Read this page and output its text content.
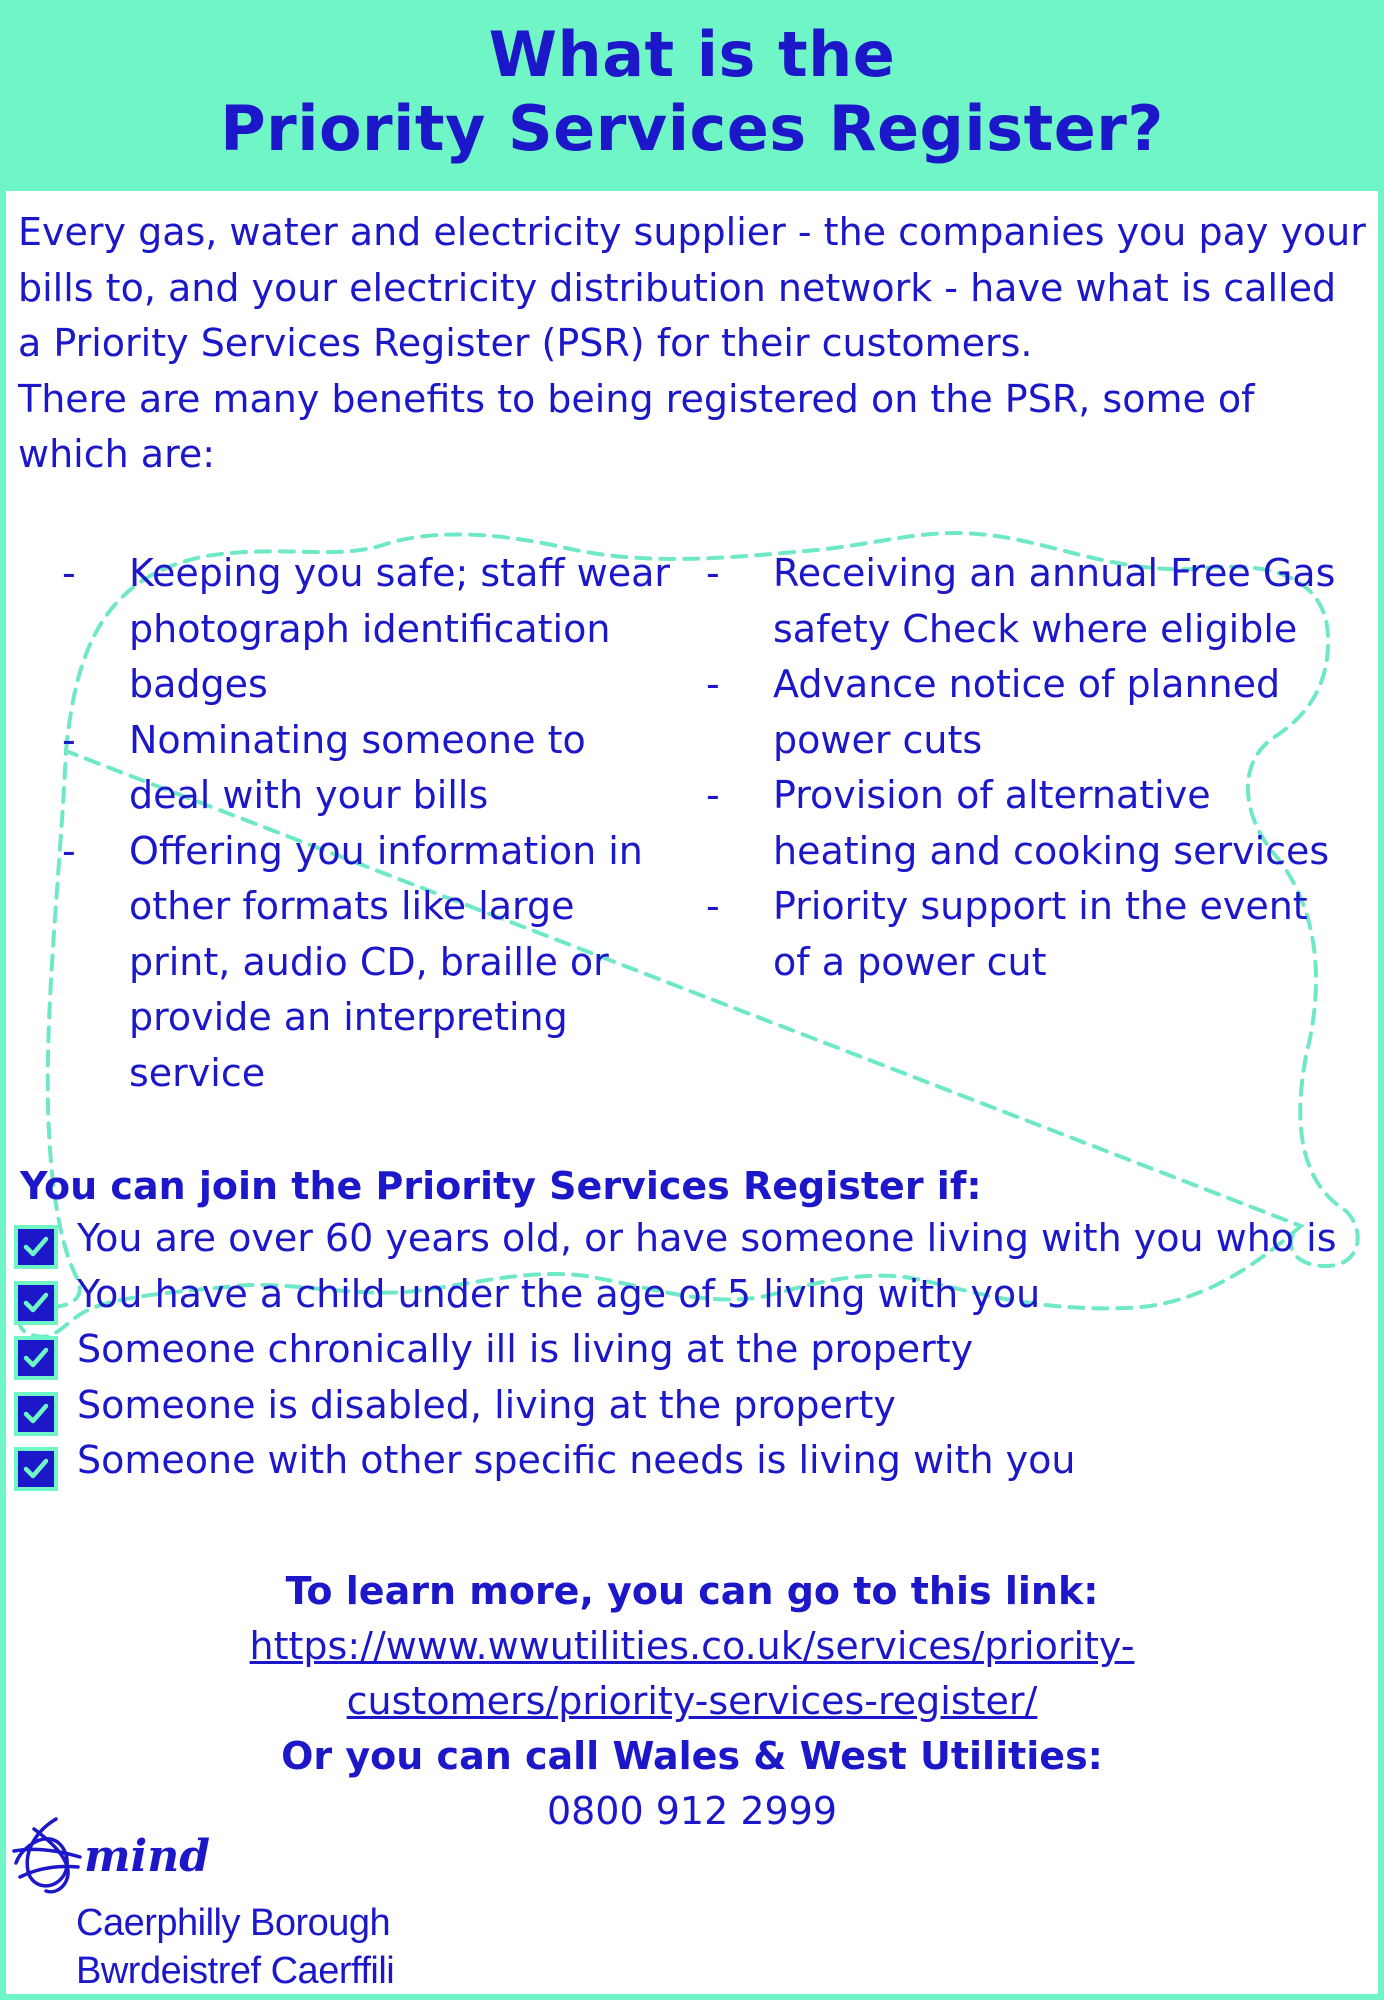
What is the
Priority Services Register?
Every gas, water and electricity supplier - the companies you pay your bills to, and your electricity distribution network - have what is called a Priority Services Register (PSR) for their customers.
There are many benefits to being registered on the PSR, some of which are:
-	Keeping you safe; staff wear photograph identification badges
-	Nominating someone to deal with your bills
-	Offering you information in other formats like large print, audio CD, braille or provide an interpreting service
-	Receiving an annual Free Gas safety Check where eligible
-	Advance notice of planned power cuts
-	Provision of alternative heating and cooking services
-	Priority support in the event of a power cut
You can join the Priority Services Register if:
You are over 60 years old, or have someone living with you who is
You have a child under the age of 5 living with you
Someone chronically ill is living at the property
Someone is disabled, living at the property
Someone with other specific needs is living with you
To learn more, you can go to this link:
https://www.wwutilities.co.uk/services/priority-
customers/priority-services-register/
Or you can call Wales & West Utilities:
0800 912 2999
mind
Caerphilly Borough
Bwrdeistref Caerffili
